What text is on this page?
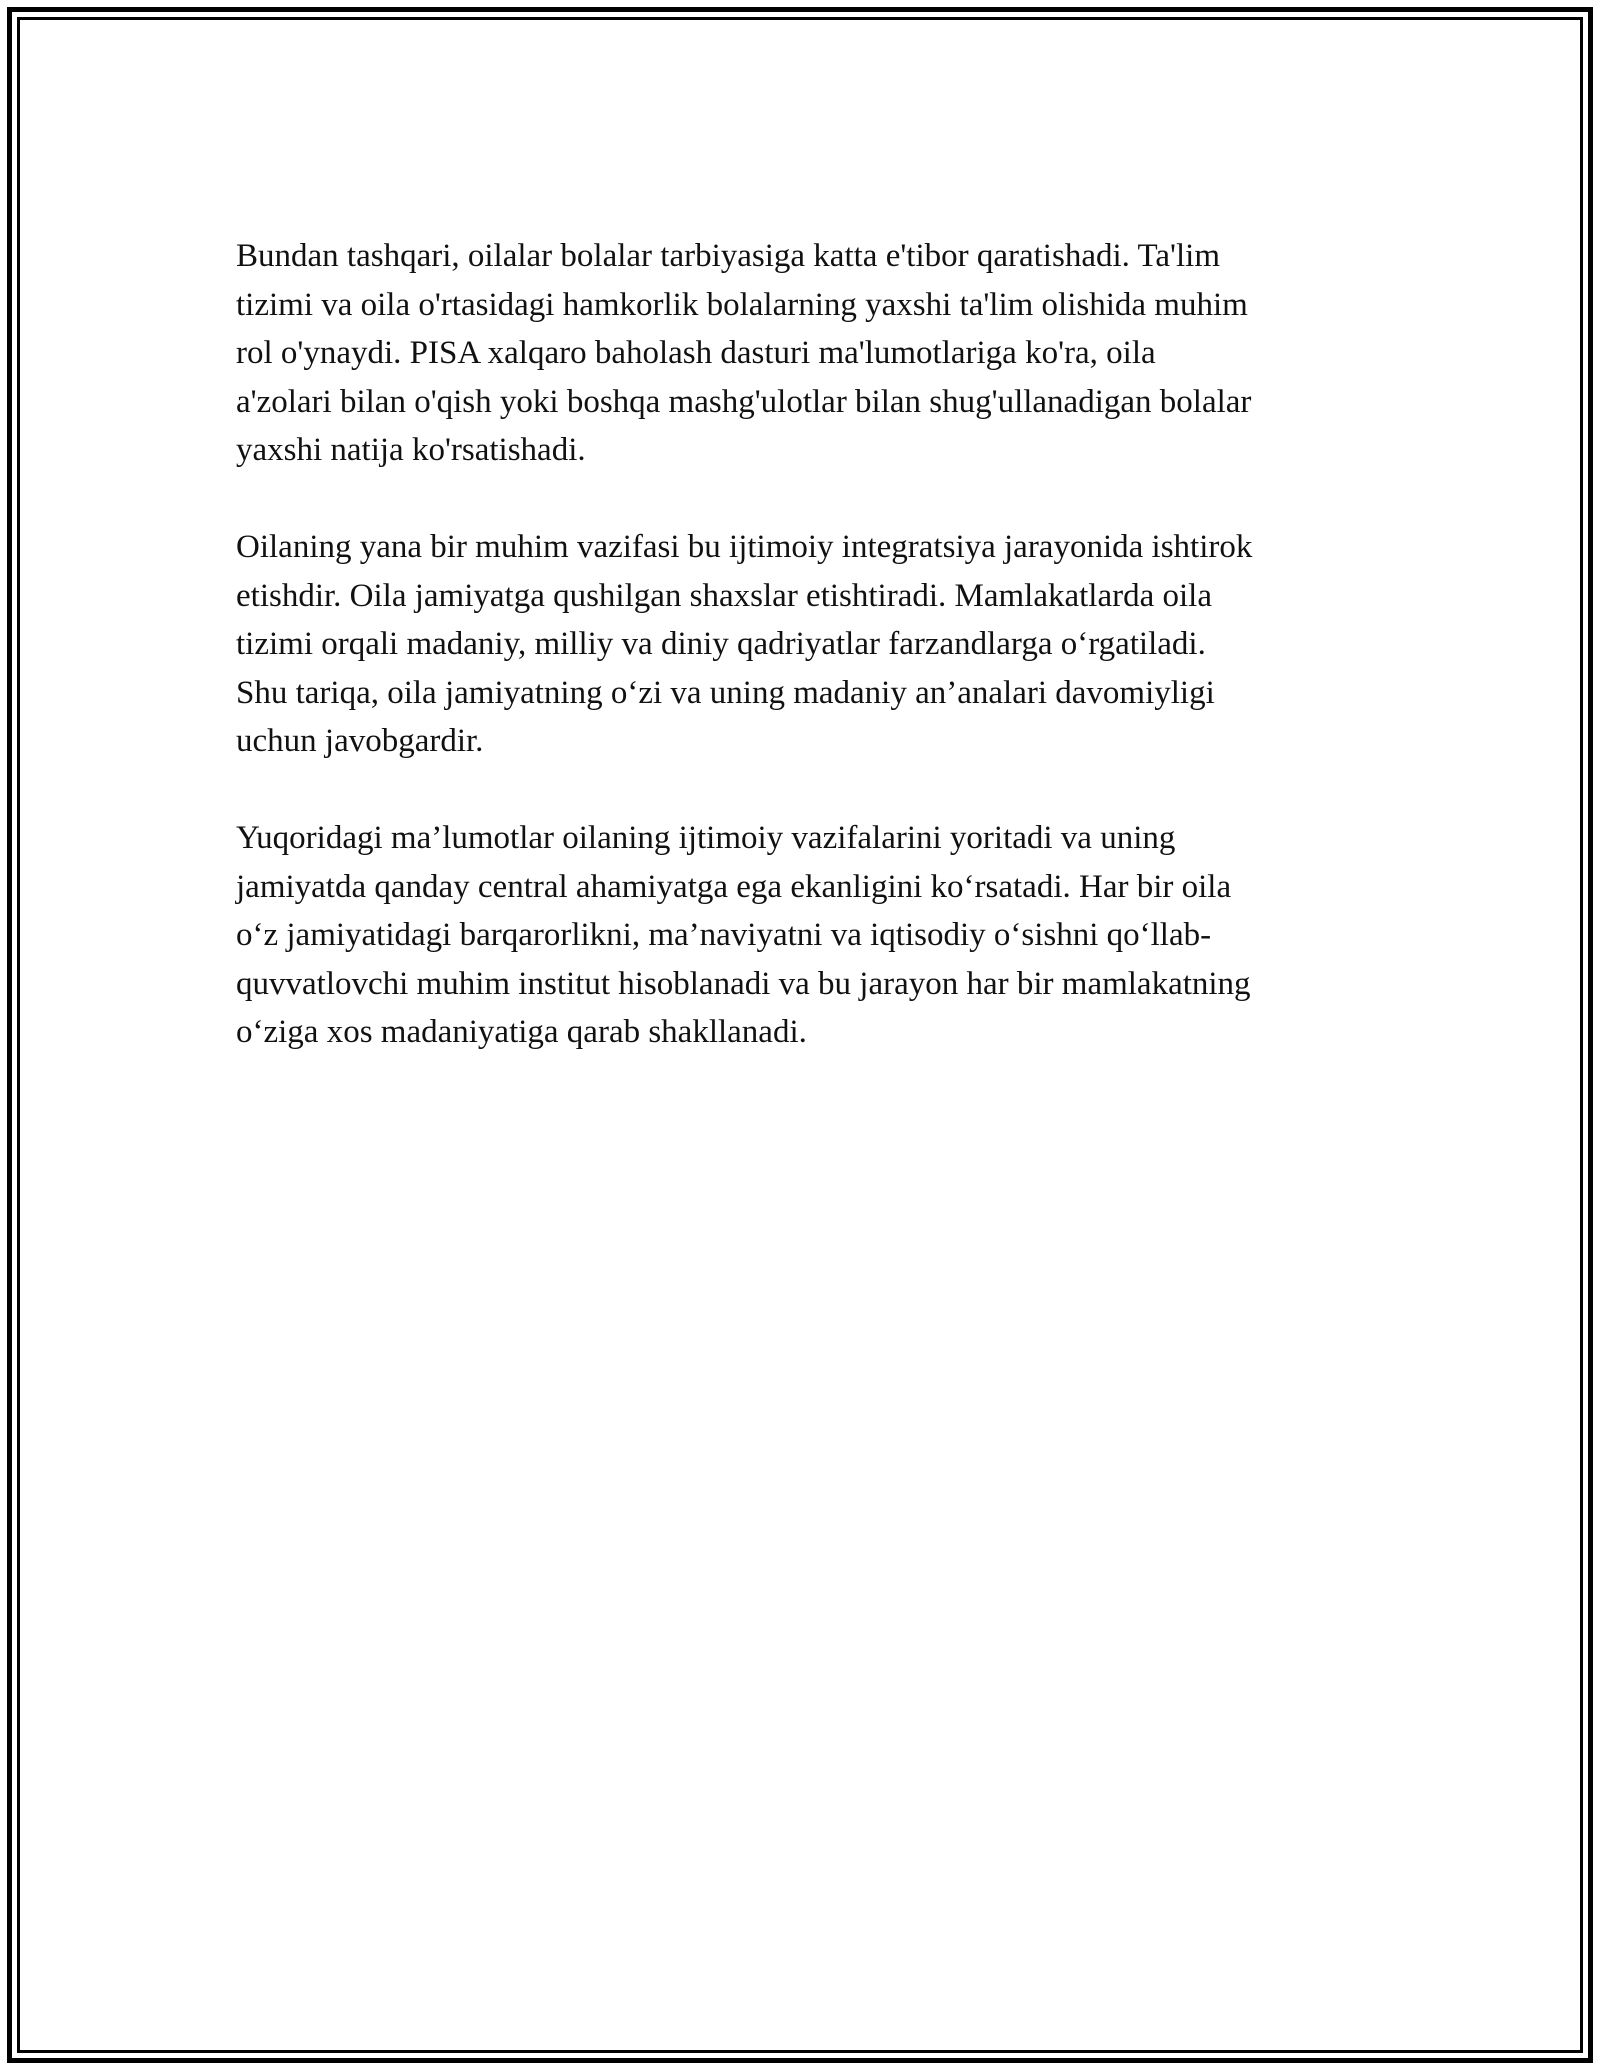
Bundan tashqari, oilalar bolalar tarbiyasiga katta e'tibor qaratishadi. Ta'lim
tizimi va oila o'rtasidagi hamkorlik bolalarning yaxshi ta'lim olishida muhim
rol o'ynaydi. PISA xalqaro baholash dasturi ma'lumotlariga ko'ra, oila
a'zolari bilan o'qish yoki boshqa mashg'ulotlar bilan shug'ullanadigan bolalar
yaxshi natija ko'rsatishadi.

Oilaning yana bir muhim vazifasi bu ijtimoiy integratsiya jarayonida ishtirok
etishdir. Oila jamiyatga qushilgan shaxslar etishtiradi. Mamlakatlarda oila
tizimi orqali madaniy, milliy va diniy qadriyatlar farzandlarga o‘rgatiladi.
Shu tariqa, oila jamiyatning o‘zi va uning madaniy an’analari davomiyligi
uchun javobgardir.

Yuqoridagi ma’lumotlar oilaning ijtimoiy vazifalarini yoritadi va uning
jamiyatda qanday central ahamiyatga ega ekanligini ko‘rsatadi. Har bir oila
o‘z jamiyatidagi barqarorlikni, ma’naviyatni va iqtisodiy o‘sishni qo‘llab-
quvvatlovchi muhim institut hisoblanadi va bu jarayon har bir mamlakatning
o‘ziga xos madaniyatiga qarab shakllanadi.
